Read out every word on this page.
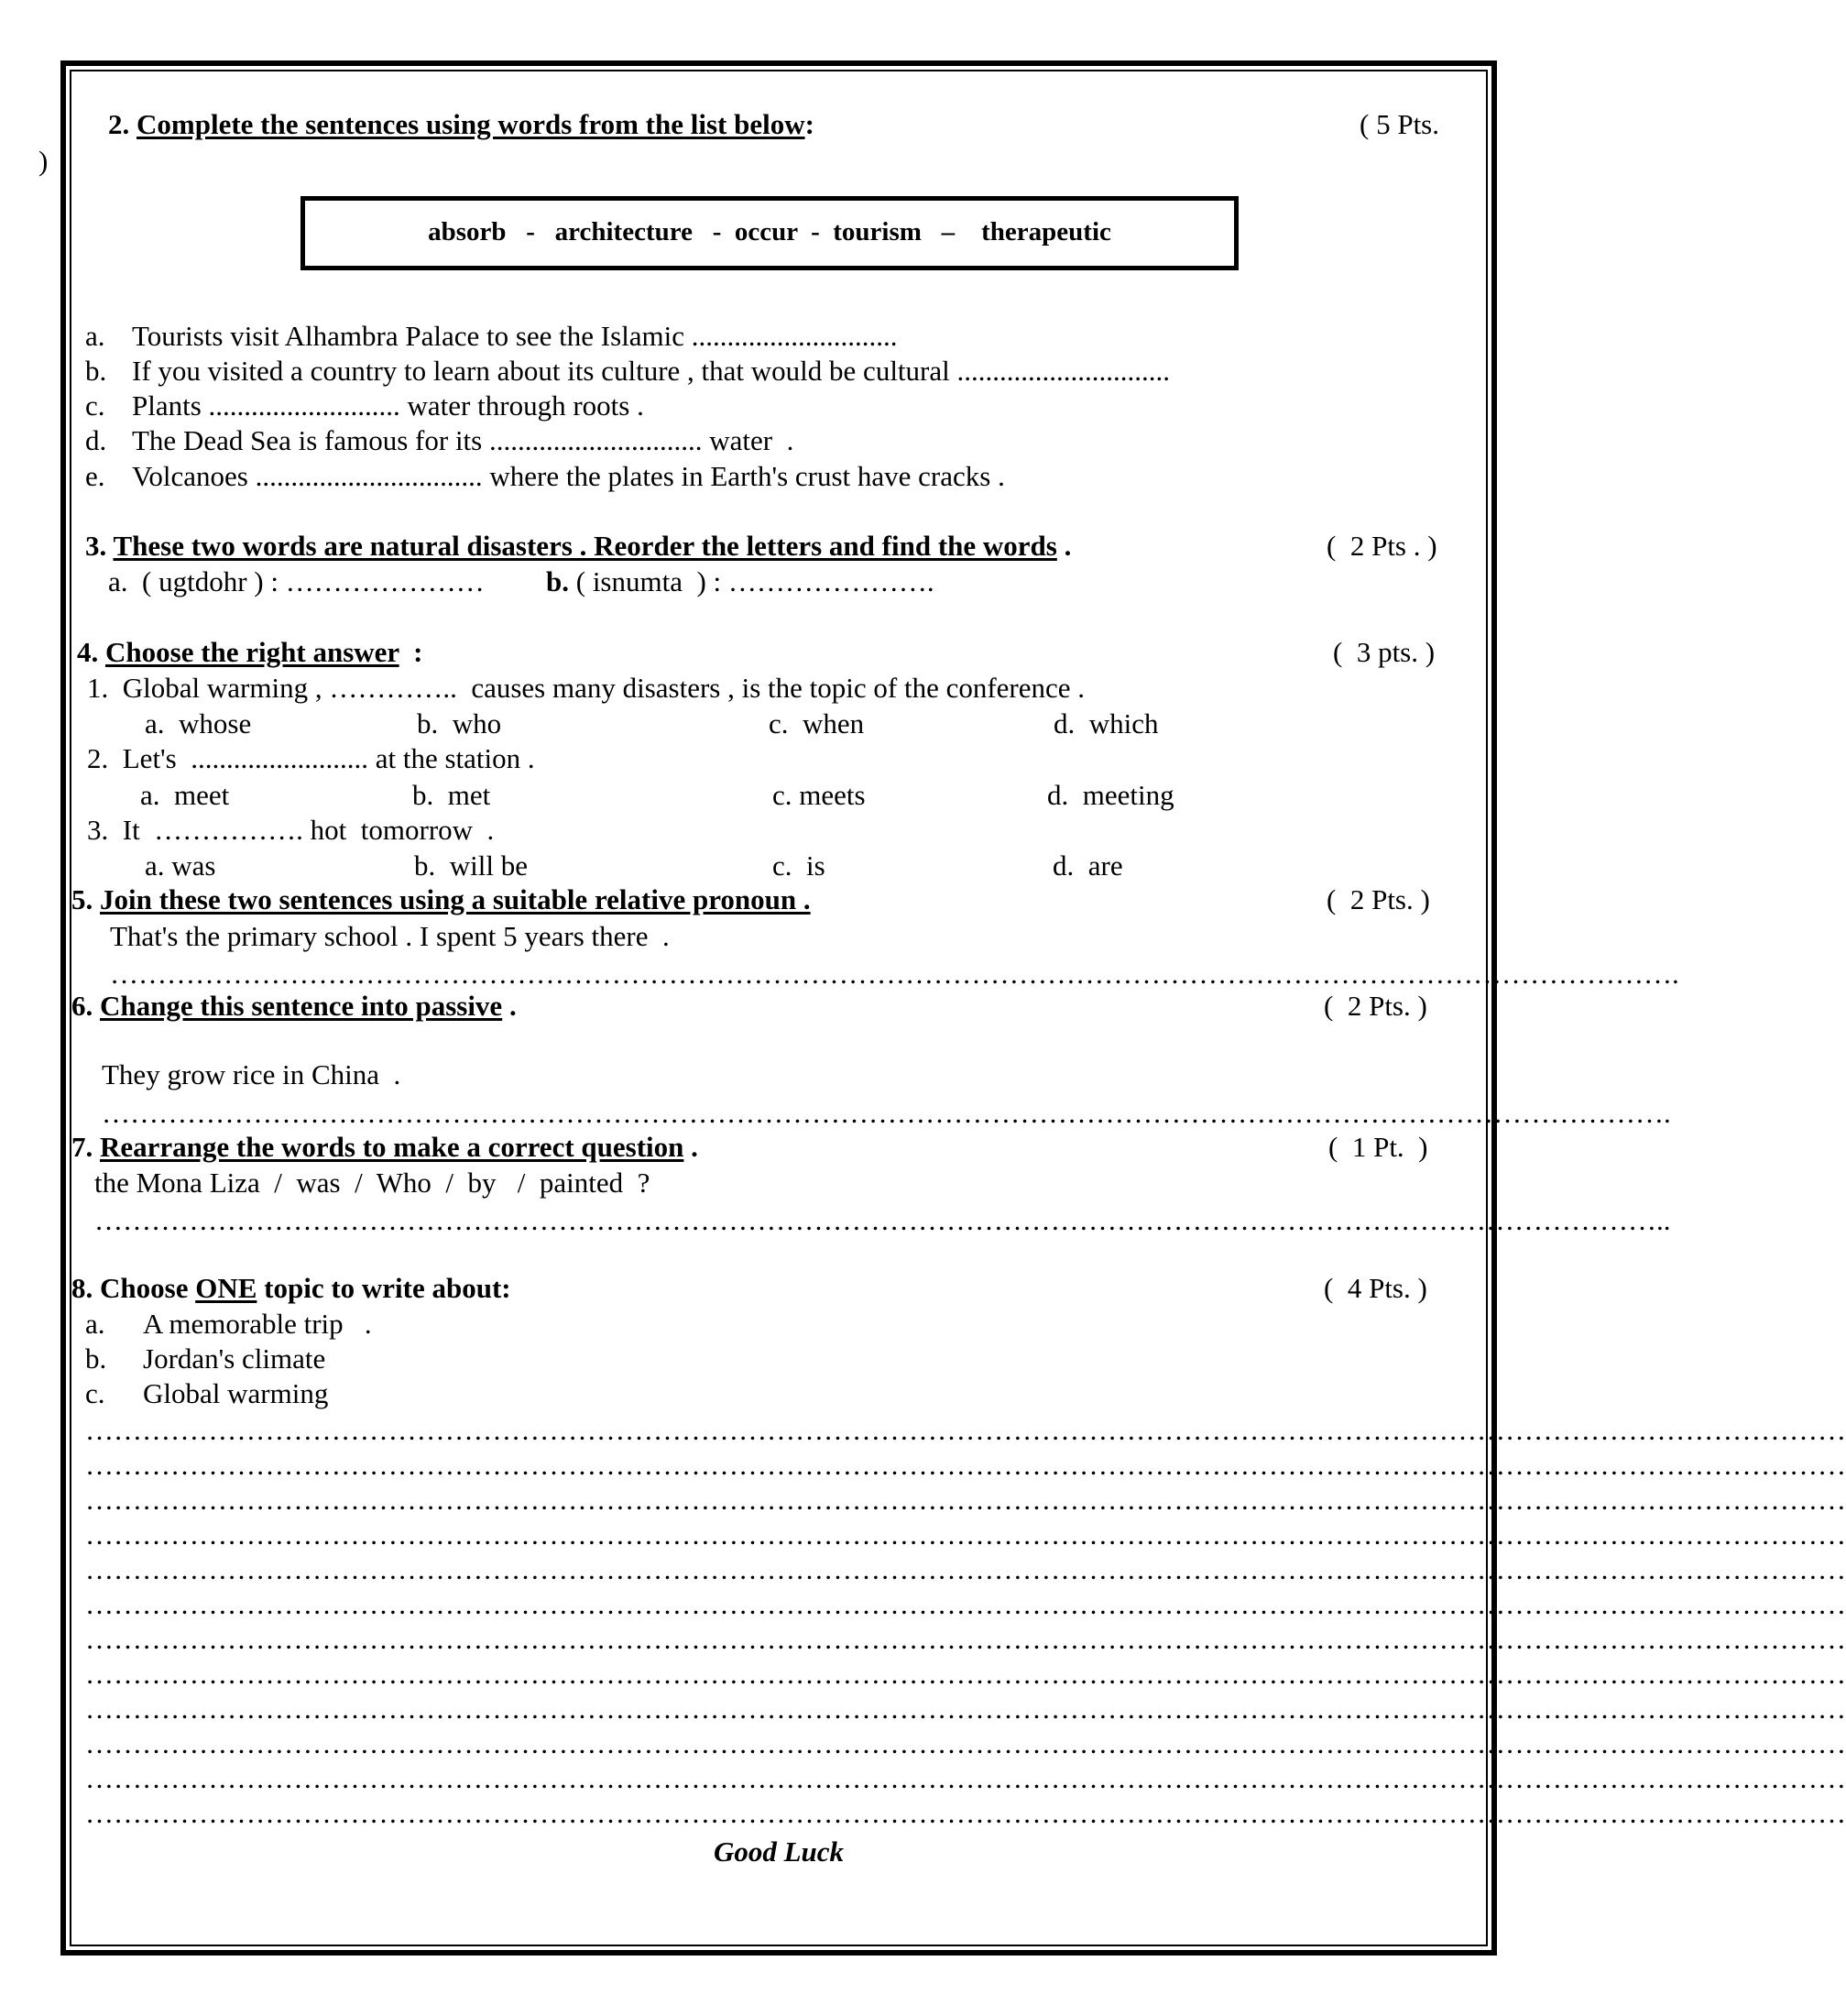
)
2. Complete the sentences using words from the list below:	( 5 Pts.
absorb   -   architecture   -  occur  -  tourism   –    therapeutic
a. Tourists visit Alhambra Palace to see the Islamic .............................
b. If you visited a country to learn about its culture , that would be cultural ..............................
c. Plants ........................... water through roots .
d. The Dead Sea is famous for its .............................. water  .
e. Volcanoes ................................ where the plates in Earth's crust have cracks .
3. These two words are natural disasters . Reorder the letters and find the words .	(  2 Pts . )
a.  ( ugtdohr ) : ………………… b. ( isnumta  ) : ………………….
4. Choose the right answer  :	(  3 pts. )
1.  Global warming , …………..  causes many disasters , is the topic of the conference .
a.  whose	b.  who	c.  when	d.  which
2.  Let's  ......................... at the station .
a.  meet	b.  met	c. meets	d.  meeting
3.  It  ……………. hot  tomorrow  .
a. was	b.  will be	c.  is	d.  are
5. Join these two sentences using a suitable relative pronoun .	(  2 Pts. )
That's the primary school . I spent 5 years there  .
………………………………………………………………………………………………………………………………………………….
6. Change this sentence into passive .	(  2 Pts. )
They grow rice in China  .
………………………………………………………………………………………………………………………………………………….
7. Rearrange the words to make a correct question .	(  1 Pt.  )
the Mona Liza  /  was  /  Who  /  by   /  painted  ?
…………………………………………………………………………………………………………………………………………………..
8. Choose ONE topic to write about:	(  4 Pts. )
a. A memorable trip   .
b. Jordan's climate
c. Global warming
……………………………………………………………………………………………………………………………………………………………………
……………………………………………………………………………………………………………………………………………………………………
……………………………………………………………………………………………………………………………………………………………………
……………………………………………………………………………………………………………………………………………………………………
……………………………………………………………………………………………………………………………………………………………………
……………………………………………………………………………………………………………………………………………………………………
……………………………………………………………………………………………………………………………………………………………………
……………………………………………………………………………………………………………………………………………………………………
……………………………………………………………………………………………………………………………………………………………………
……………………………………………………………………………………………………………………………………………………………………
……………………………………………………………………………………………………………………………………………………………………
……………………………………………………………………………………………………………………………………………………………………
Good Luck
